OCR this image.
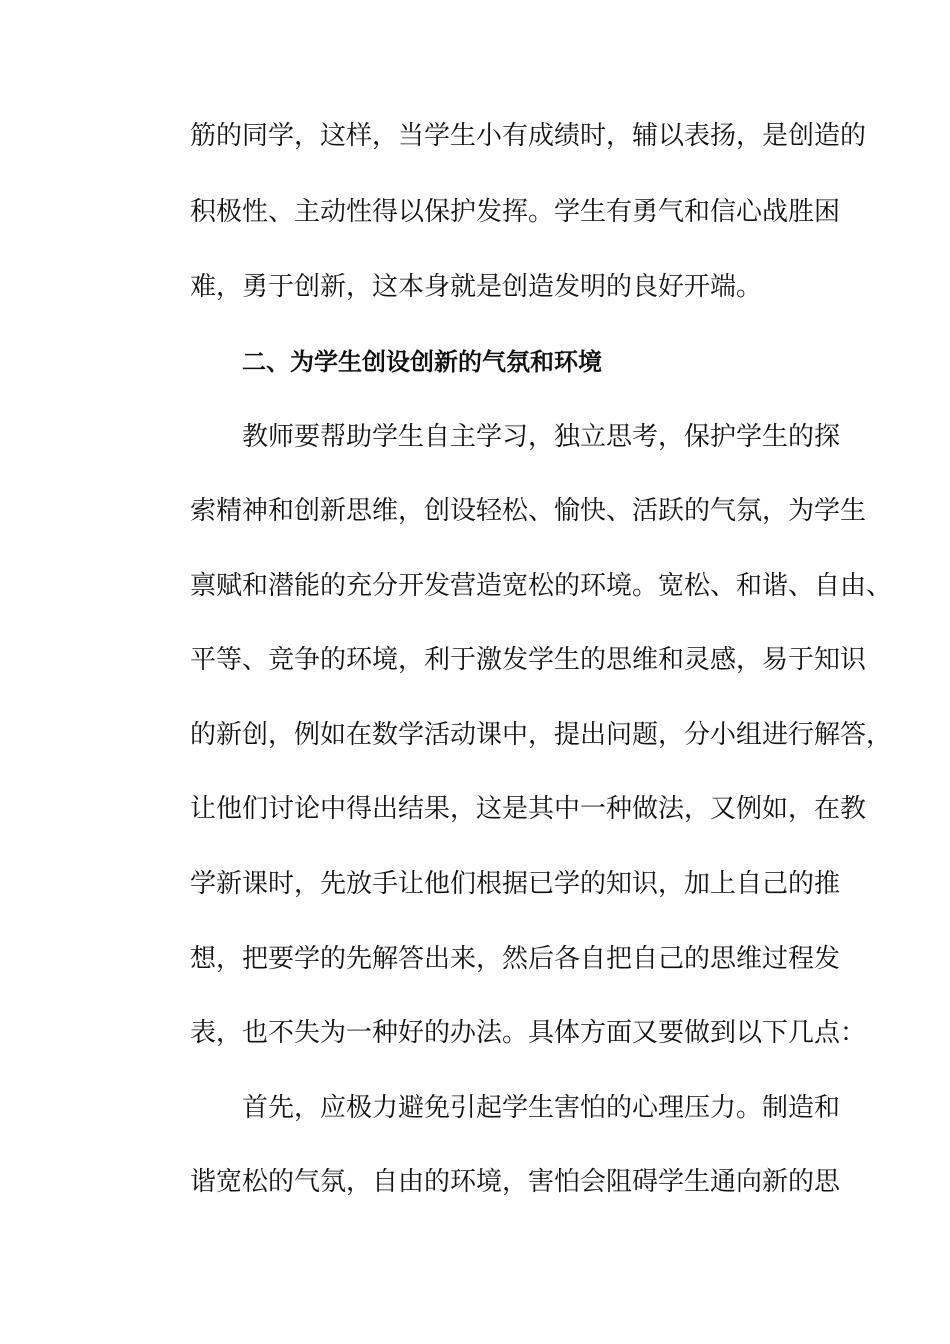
筋的同学，这样，当学生小有成绩时，辅以表扬，是创造的
积极性、主动性得以保护发挥。学生有勇气和信心战胜困
难，勇于创新，这本身就是创造发明的良好开端。
二、为学生创设创新的气氛和环境
教师要帮助学生自主学习，独立思考，保护学生的探
索精神和创新思维，创设轻松、愉快、活跃的气氛，为学生
禀赋和潜能的充分开发营造宽松的环境。宽松、和谐、自由、
平等、竞争的环境，利于激发学生的思维和灵感，易于知识
的新创，例如在数学活动课中，提出问题，分小组进行解答，
让他们讨论中得出结果，这是其中一种做法，又例如，在教
学新课时，先放手让他们根据已学的知识，加上自己的推
想，把要学的先解答出来，然后各自把自己的思维过程发
表，也不失为一种好的办法。具体方面又要做到以下几点：
首先，应极力避免引起学生害怕的心理压力。制造和
谐宽松的气氛，自由的环境，害怕会阻碍学生通向新的思
